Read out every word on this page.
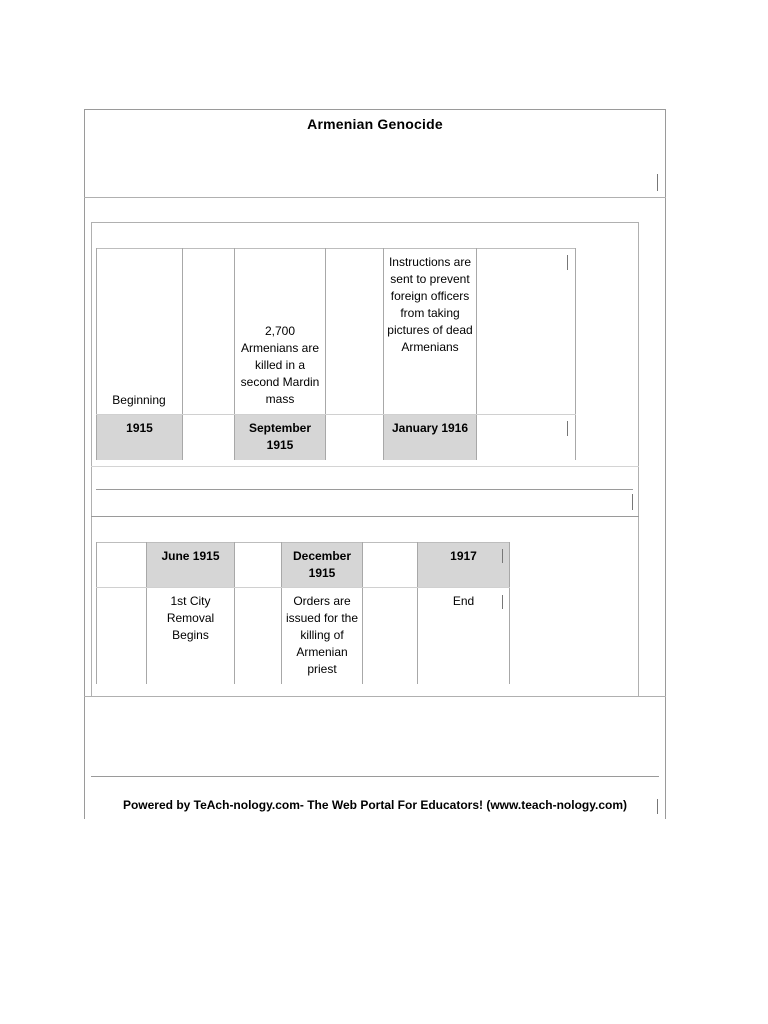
Armenian Genocide
Beginning
2,700 Armenians are killed in a second Mardin mass
Instructions are sent to prevent foreign officers from taking pictures of dead Armenians
1915	September 1915
January 1916
June 1915	December 1915
1917
1st City Removal Begins
Orders are issued for the killing of Armenian priest
End
Powered by TeAch-nology.com- The Web Portal For Educators! (www.teach-nology.com)
